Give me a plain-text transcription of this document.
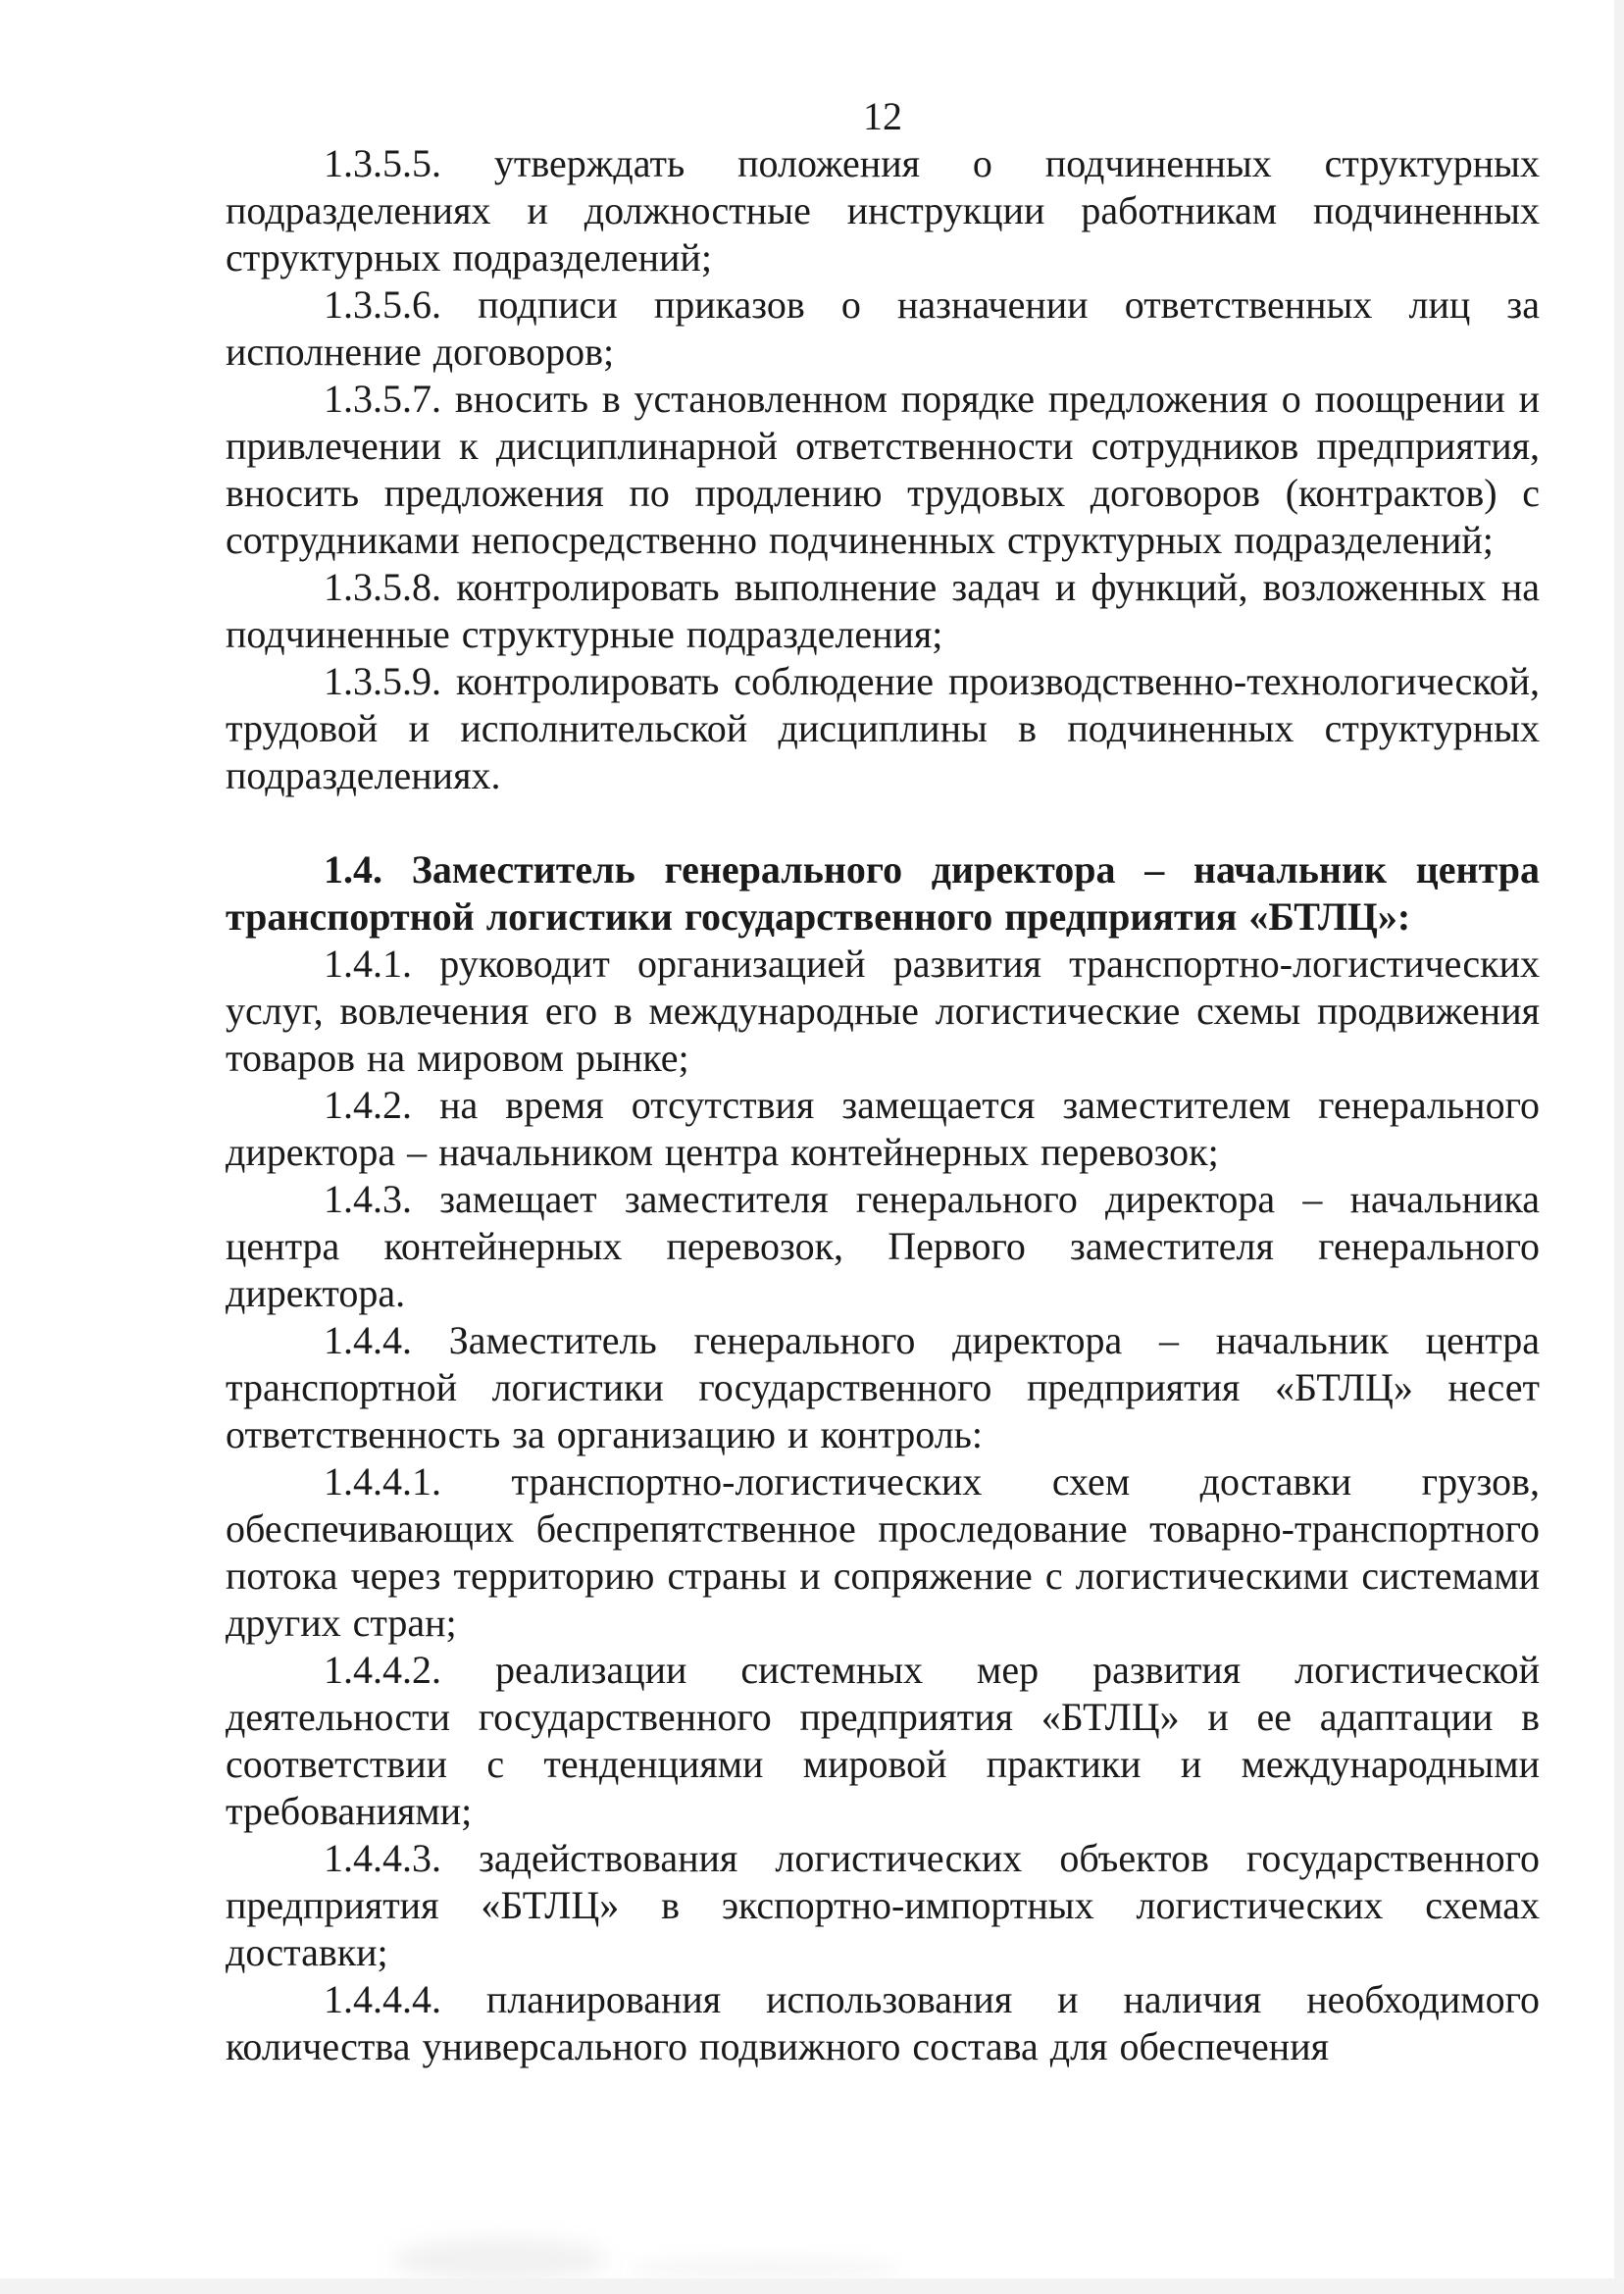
12

1.3.5.5. утверждать положения о подчиненных структурных подразделениях и должностные инструкции работникам подчиненных структурных подразделений;

1.3.5.6. подписи приказов о назначении ответственных лиц за исполнение договоров;

1.3.5.7. вносить в установленном порядке предложения о поощрении и привлечении к дисциплинарной ответственности сотрудников предприятия, вносить предложения по продлению трудовых договоров (контрактов) с сотрудниками непосредственно подчиненных структурных подразделений;

1.3.5.8. контролировать выполнение задач и функций, возложенных на подчиненные структурные подразделения;

1.3.5.9. контролировать соблюдение производственно-технологической, трудовой и исполнительской дисциплины в подчиненных структурных подразделениях.

1.4. Заместитель генерального директора – начальник центра транспортной логистики государственного предприятия «БТЛЦ»:

1.4.1. руководит организацией развития транспортно-логистических услуг, вовлечения его в международные логистические схемы продвижения товаров на мировом рынке;

1.4.2. на время отсутствия замещается заместителем генерального директора – начальником центра контейнерных перевозок;

1.4.3. замещает заместителя генерального директора – начальника центра контейнерных перевозок, Первого заместителя генерального директора.

1.4.4. Заместитель генерального директора – начальник центра транспортной логистики государственного предприятия «БТЛЦ» несет ответственность за организацию и контроль:

1.4.4.1. транспортно-логистических схем доставки грузов, обеспечивающих беспрепятственное проследование товарно-транспортного потока через территорию страны и сопряжение с логистическими системами других стран;

1.4.4.2. реализации системных мер развития логистической деятельности государственного предприятия «БТЛЦ» и ее адаптации в соответствии с тенденциями мировой практики и международными требованиями;

1.4.4.3. задействования логистических объектов государственного предприятия «БТЛЦ» в экспортно-импортных логистических схемах доставки;

1.4.4.4. планирования использования и наличия необходимого количества универсального подвижного состава для обеспечения
